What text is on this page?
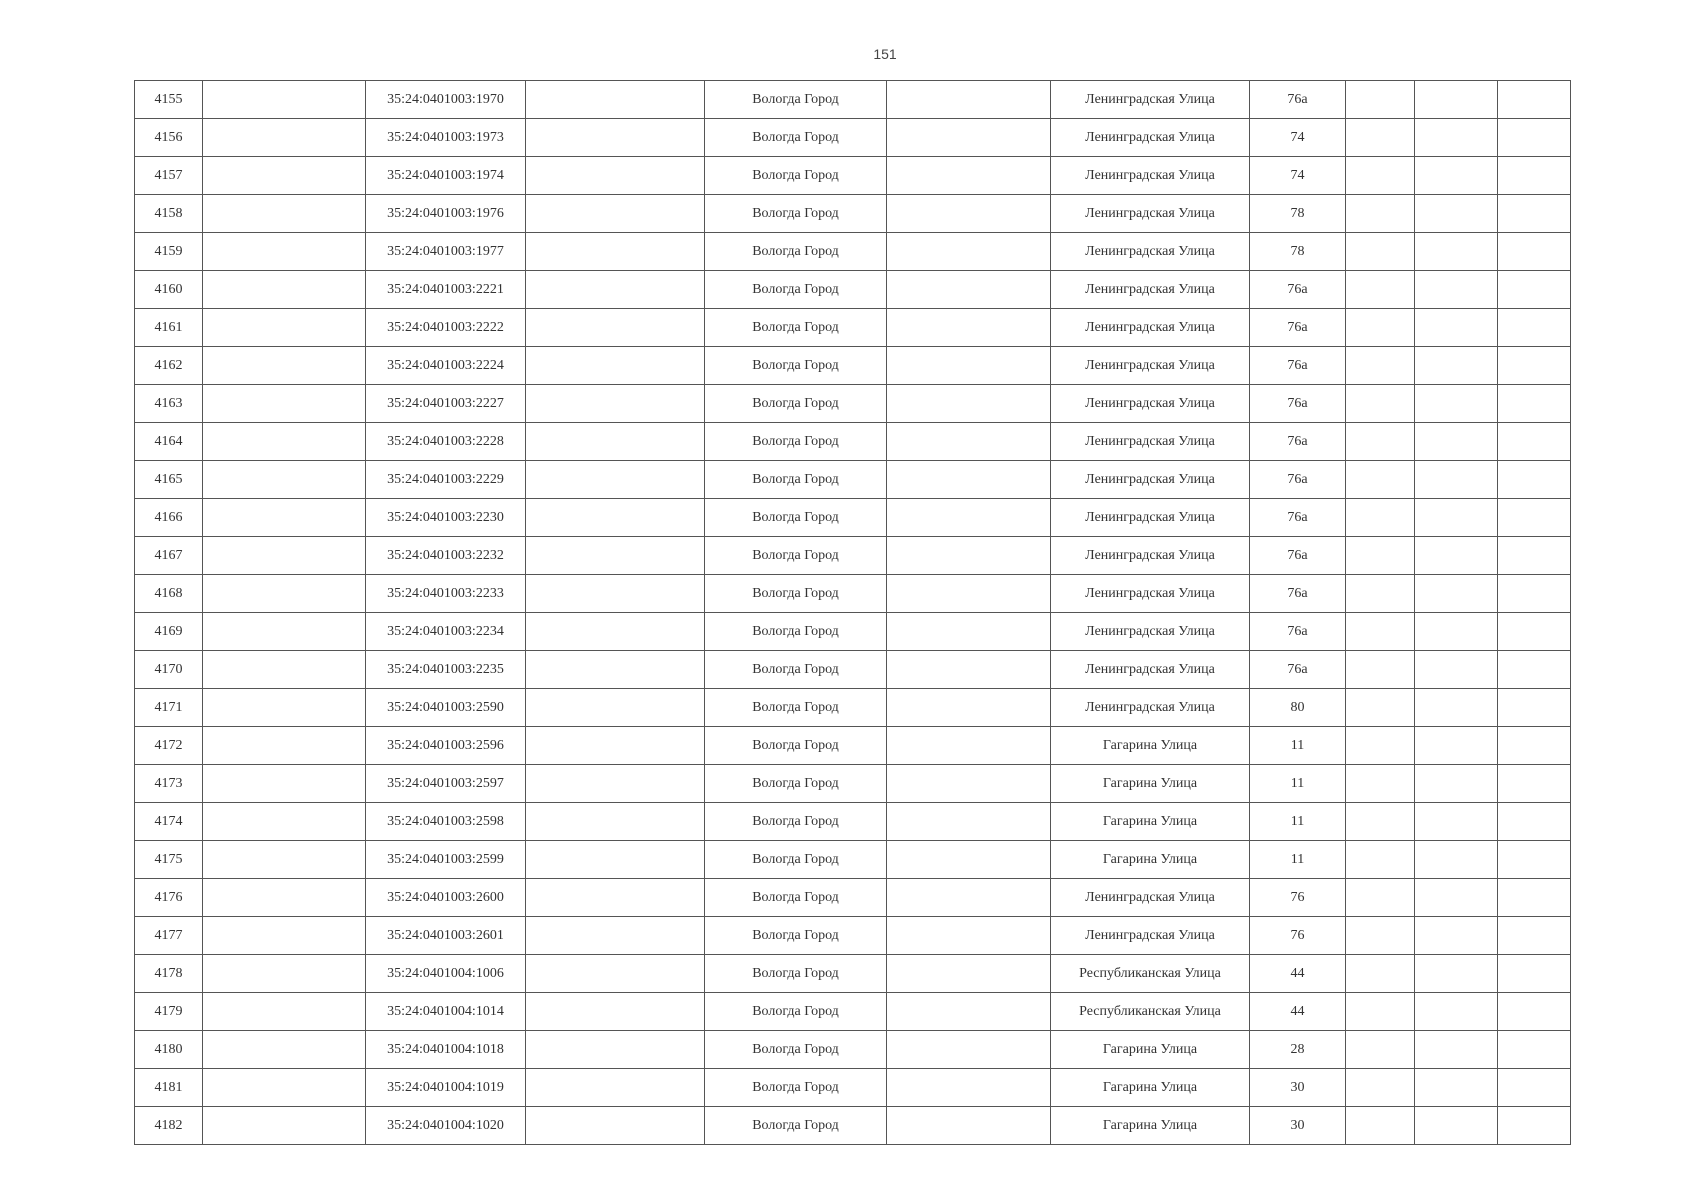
151
4155		35:24:0401003:1970		Вологда Город		Ленинградская Улица	76а			
4156		35:24:0401003:1973		Вологда Город		Ленинградская Улица	74			
4157		35:24:0401003:1974		Вологда Город		Ленинградская Улица	74			
4158		35:24:0401003:1976		Вологда Город		Ленинградская Улица	78			
4159		35:24:0401003:1977		Вологда Город		Ленинградская Улица	78			
4160		35:24:0401003:2221		Вологда Город		Ленинградская Улица	76а			
4161		35:24:0401003:2222		Вологда Город		Ленинградская Улица	76а			
4162		35:24:0401003:2224		Вологда Город		Ленинградская Улица	76а			
4163		35:24:0401003:2227		Вологда Город		Ленинградская Улица	76а			
4164		35:24:0401003:2228		Вологда Город		Ленинградская Улица	76а			
4165		35:24:0401003:2229		Вологда Город		Ленинградская Улица	76а			
4166		35:24:0401003:2230		Вологда Город		Ленинградская Улица	76а			
4167		35:24:0401003:2232		Вологда Город		Ленинградская Улица	76а			
4168		35:24:0401003:2233		Вологда Город		Ленинградская Улица	76а			
4169		35:24:0401003:2234		Вологда Город		Ленинградская Улица	76а			
4170		35:24:0401003:2235		Вологда Город		Ленинградская Улица	76а			
4171		35:24:0401003:2590		Вологда Город		Ленинградская Улица	80			
4172		35:24:0401003:2596		Вологда Город		Гагарина Улица	11			
4173		35:24:0401003:2597		Вологда Город		Гагарина Улица	11			
4174		35:24:0401003:2598		Вологда Город		Гагарина Улица	11			
4175		35:24:0401003:2599		Вологда Город		Гагарина Улица	11			
4176		35:24:0401003:2600		Вологда Город		Ленинградская Улица	76			
4177		35:24:0401003:2601		Вологда Город		Ленинградская Улица	76			
4178		35:24:0401004:1006		Вологда Город		Республиканская Улица	44			
4179		35:24:0401004:1014		Вологда Город		Республиканская Улица	44			
4180		35:24:0401004:1018		Вологда Город		Гагарина Улица	28			
4181		35:24:0401004:1019		Вологда Город		Гагарина Улица	30			
4182		35:24:0401004:1020		Вологда Город		Гагарина Улица	30			
